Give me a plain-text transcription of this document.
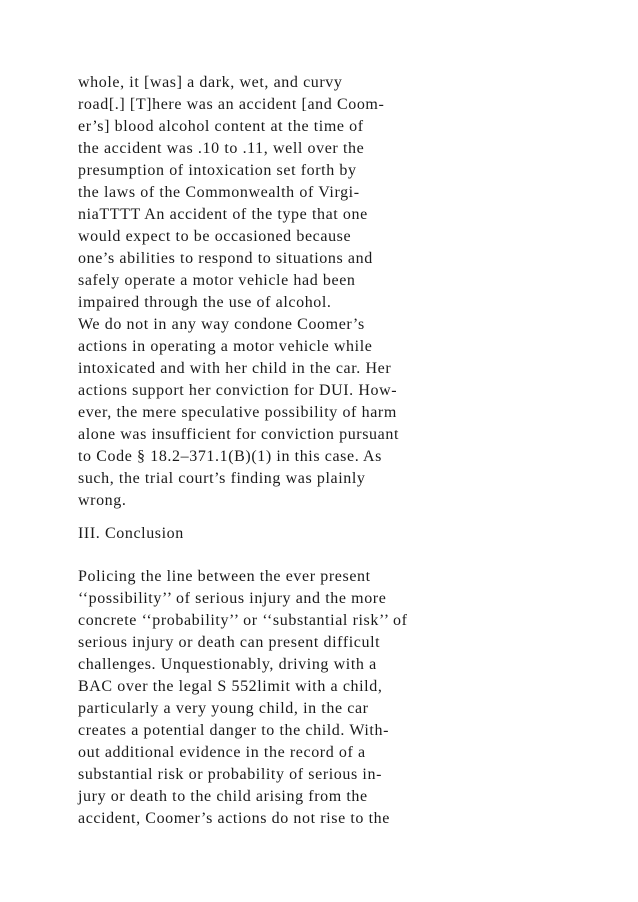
whole, it [was] a dark, wet, and curvy
road[.] [T]here was an accident [and Coom-
er’s] blood alcohol content at the time of
the accident was .10 to .11, well over the
presumption of intoxication set forth by
the laws of the Commonwealth of Virgi-
niaTTTT An accident of the type that one
would expect to be occasioned because
one’s abilities to respond to situations and
safely operate a motor vehicle had been
impaired through the use of alcohol.
We do not in any way condone Coomer’s
actions in operating a motor vehicle while
intoxicated and with her child in the car. Her
actions support her conviction for DUI. How-
ever, the mere speculative possibility of harm
alone was insufficient for conviction pursuant
to Code § 18.2–371.1(B)(1) in this case. As
such, the trial court’s finding was plainly
wrong.
III. Conclusion
Policing the line between the ever present
‘‘possibility’’ of serious injury and the more
concrete ‘‘probability’’ or ‘‘substantial risk’’ of
serious injury or death can present difficult
challenges. Unquestionably, driving with a
BAC over the legal S 552limit with a child,
particularly a very young child, in the car
creates a potential danger to the child. With-
out additional evidence in the record of a
substantial risk or probability of serious in-
jury or death to the child arising from the
accident, Coomer’s actions do not rise to the
